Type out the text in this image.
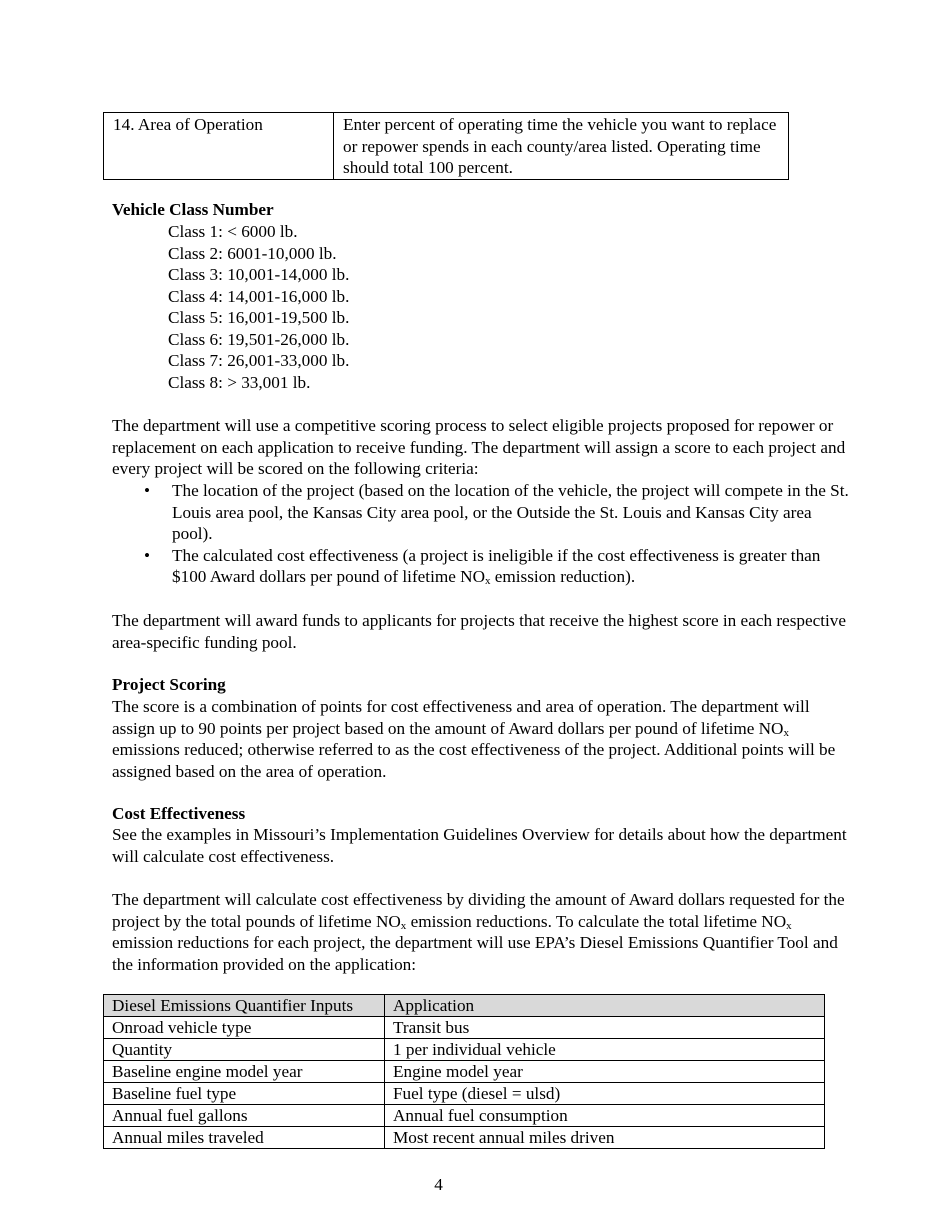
14. Area of Operation	Enter percent of operating time the vehicle you want to replace or repower spends in each county/area listed. Operating time should total 100 percent.
Vehicle Class Number
Class 1: < 6000 lb.
Class 2: 6001-10,000 lb.
Class 3: 10,001-14,000 lb.
Class 4: 14,001-16,000 lb.
Class 5: 16,001-19,500 lb.
Class 6: 19,501-26,000 lb.
Class 7: 26,001-33,000 lb.
Class 8: > 33,001 lb.
The department will use a competitive scoring process to select eligible projects proposed for repower or replacement on each application to receive funding. The department will assign a score to each project and every project will be scored on the following criteria:
• The location of the project (based on the location of the vehicle, the project will compete in the St. Louis area pool, the Kansas City area pool, or the Outside the St. Louis and Kansas City area pool).
• The calculated cost effectiveness (a project is ineligible if the cost effectiveness is greater than $100 Award dollars per pound of lifetime $NO_x$ emission reduction).
The department will award funds to applicants for projects that receive the highest score in each respective area-specific funding pool.
Project Scoring
The score is a combination of points for cost effectiveness and area of operation. The department will assign up to 90 points per project based on the amount of Award dollars per pound of lifetime $NO_x$ emissions reduced; otherwise referred to as the cost effectiveness of the project. Additional points will be assigned based on the area of operation.
Cost Effectiveness
See the examples in Missouri’s Implementation Guidelines Overview for details about how the department will calculate cost effectiveness.
The department will calculate cost effectiveness by dividing the amount of Award dollars requested for the project by the total pounds of lifetime $NO_x$ emission reductions. To calculate the total lifetime $NO_x$ emission reductions for each project, the department will use EPA’s Diesel Emissions Quantifier Tool and the information provided on the application:
Diesel Emissions Quantifier Inputs	Application
Onroad vehicle type	Transit bus
Quantity	1 per individual vehicle
Baseline engine model year	Engine model year
Baseline fuel type	Fuel type (diesel = ulsd)
Annual fuel gallons	Annual fuel consumption
Annual miles traveled	Most recent annual miles driven
4
